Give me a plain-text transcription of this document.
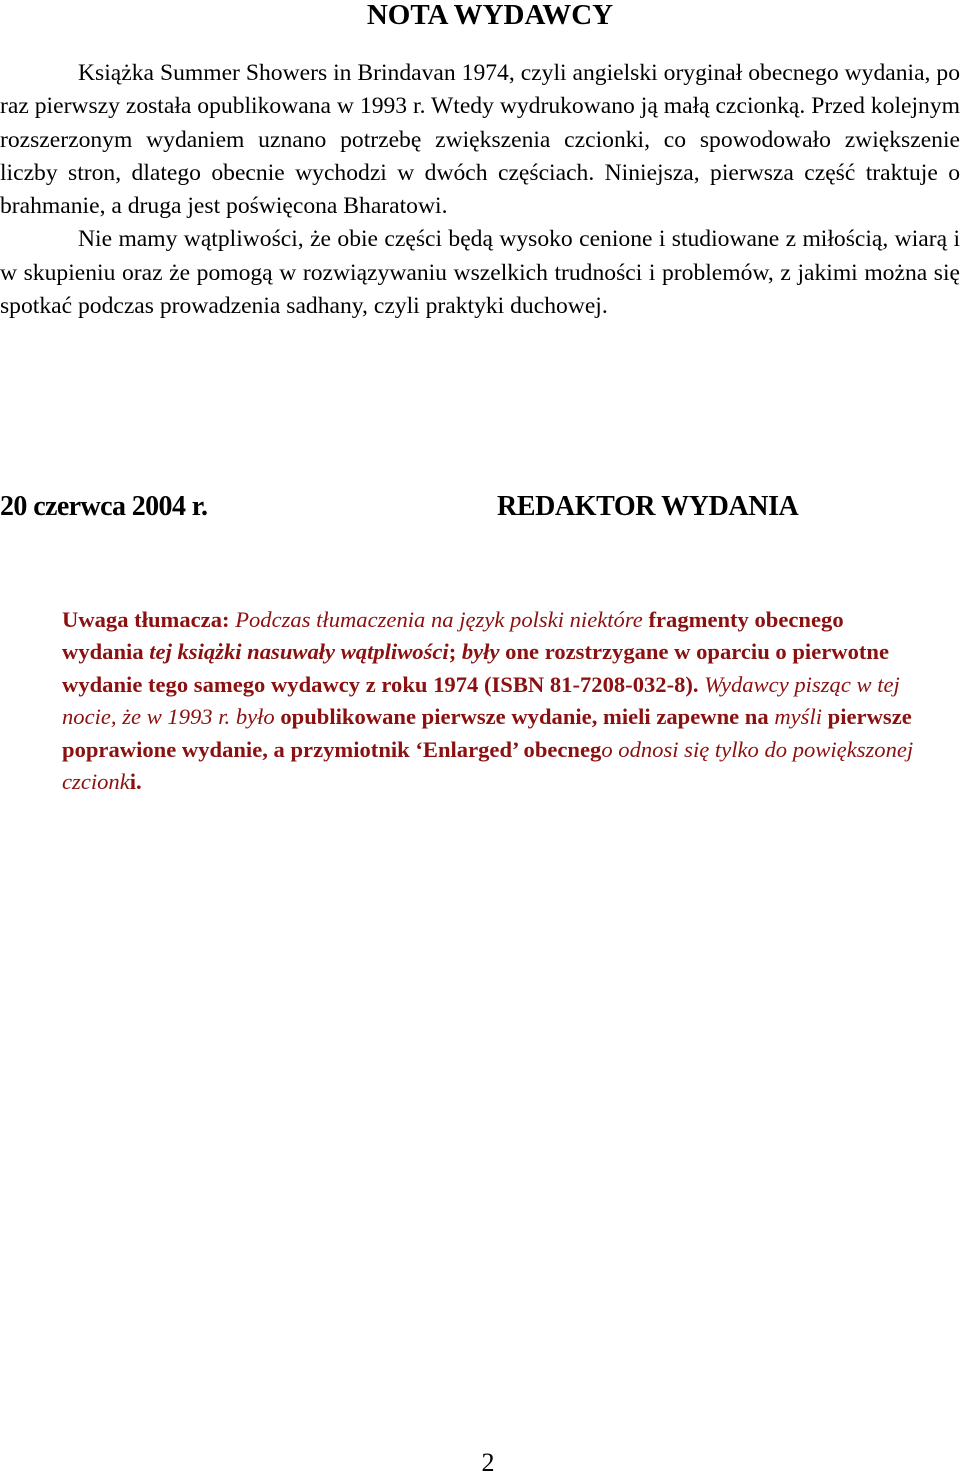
NOTA WYDAWCY

Książka Summer Showers in Brindavan 1974, czyli angielski oryginał obecnego wydania, po raz pierwszy została opublikowana w 1993 r. Wtedy wydrukowano ją małą czcionką. Przed kolejnym rozszerzonym wydaniem uznano potrzebę zwiększenia czcionki, co spowodowało zwiększenie liczby stron, dlatego obecnie wychodzi w dwóch częściach. Niniejsza, pierwsza część traktuje o brahmanie, a druga jest poświęcona Bharatowi.

Nie mamy wątpliwości, że obie części będą wysoko cenione i studiowane z miłością, wiarą i w skupieniu oraz że pomogą w rozwiązywaniu wszelkich trudności i problemów, z jakimi można się spotkać podczas prowadzenia sadhany, czyli praktyki duchowej.

20 czerwca 2004 r.	REDAKTOR WYDANIA
Uwaga tłumacza: Podczas tłumaczenia na język polski niektóre fragmenty obecnego wydania tej książki nasuwały wątpliwości; były one rozstrzygane w oparciu o pierwotne wydanie tego samego wydawcy z roku 1974 (ISBN 81-7208-032-8). Wydawcy pisząc w tej nocie, że w 1993 r. było opublikowane pierwsze wydanie, mieli zapewne na myśli pierwsze poprawione wydanie, a przymiotnik ‘Enlarged’ obecnego odnosi się tylko do powiększonej czcionki.
2
